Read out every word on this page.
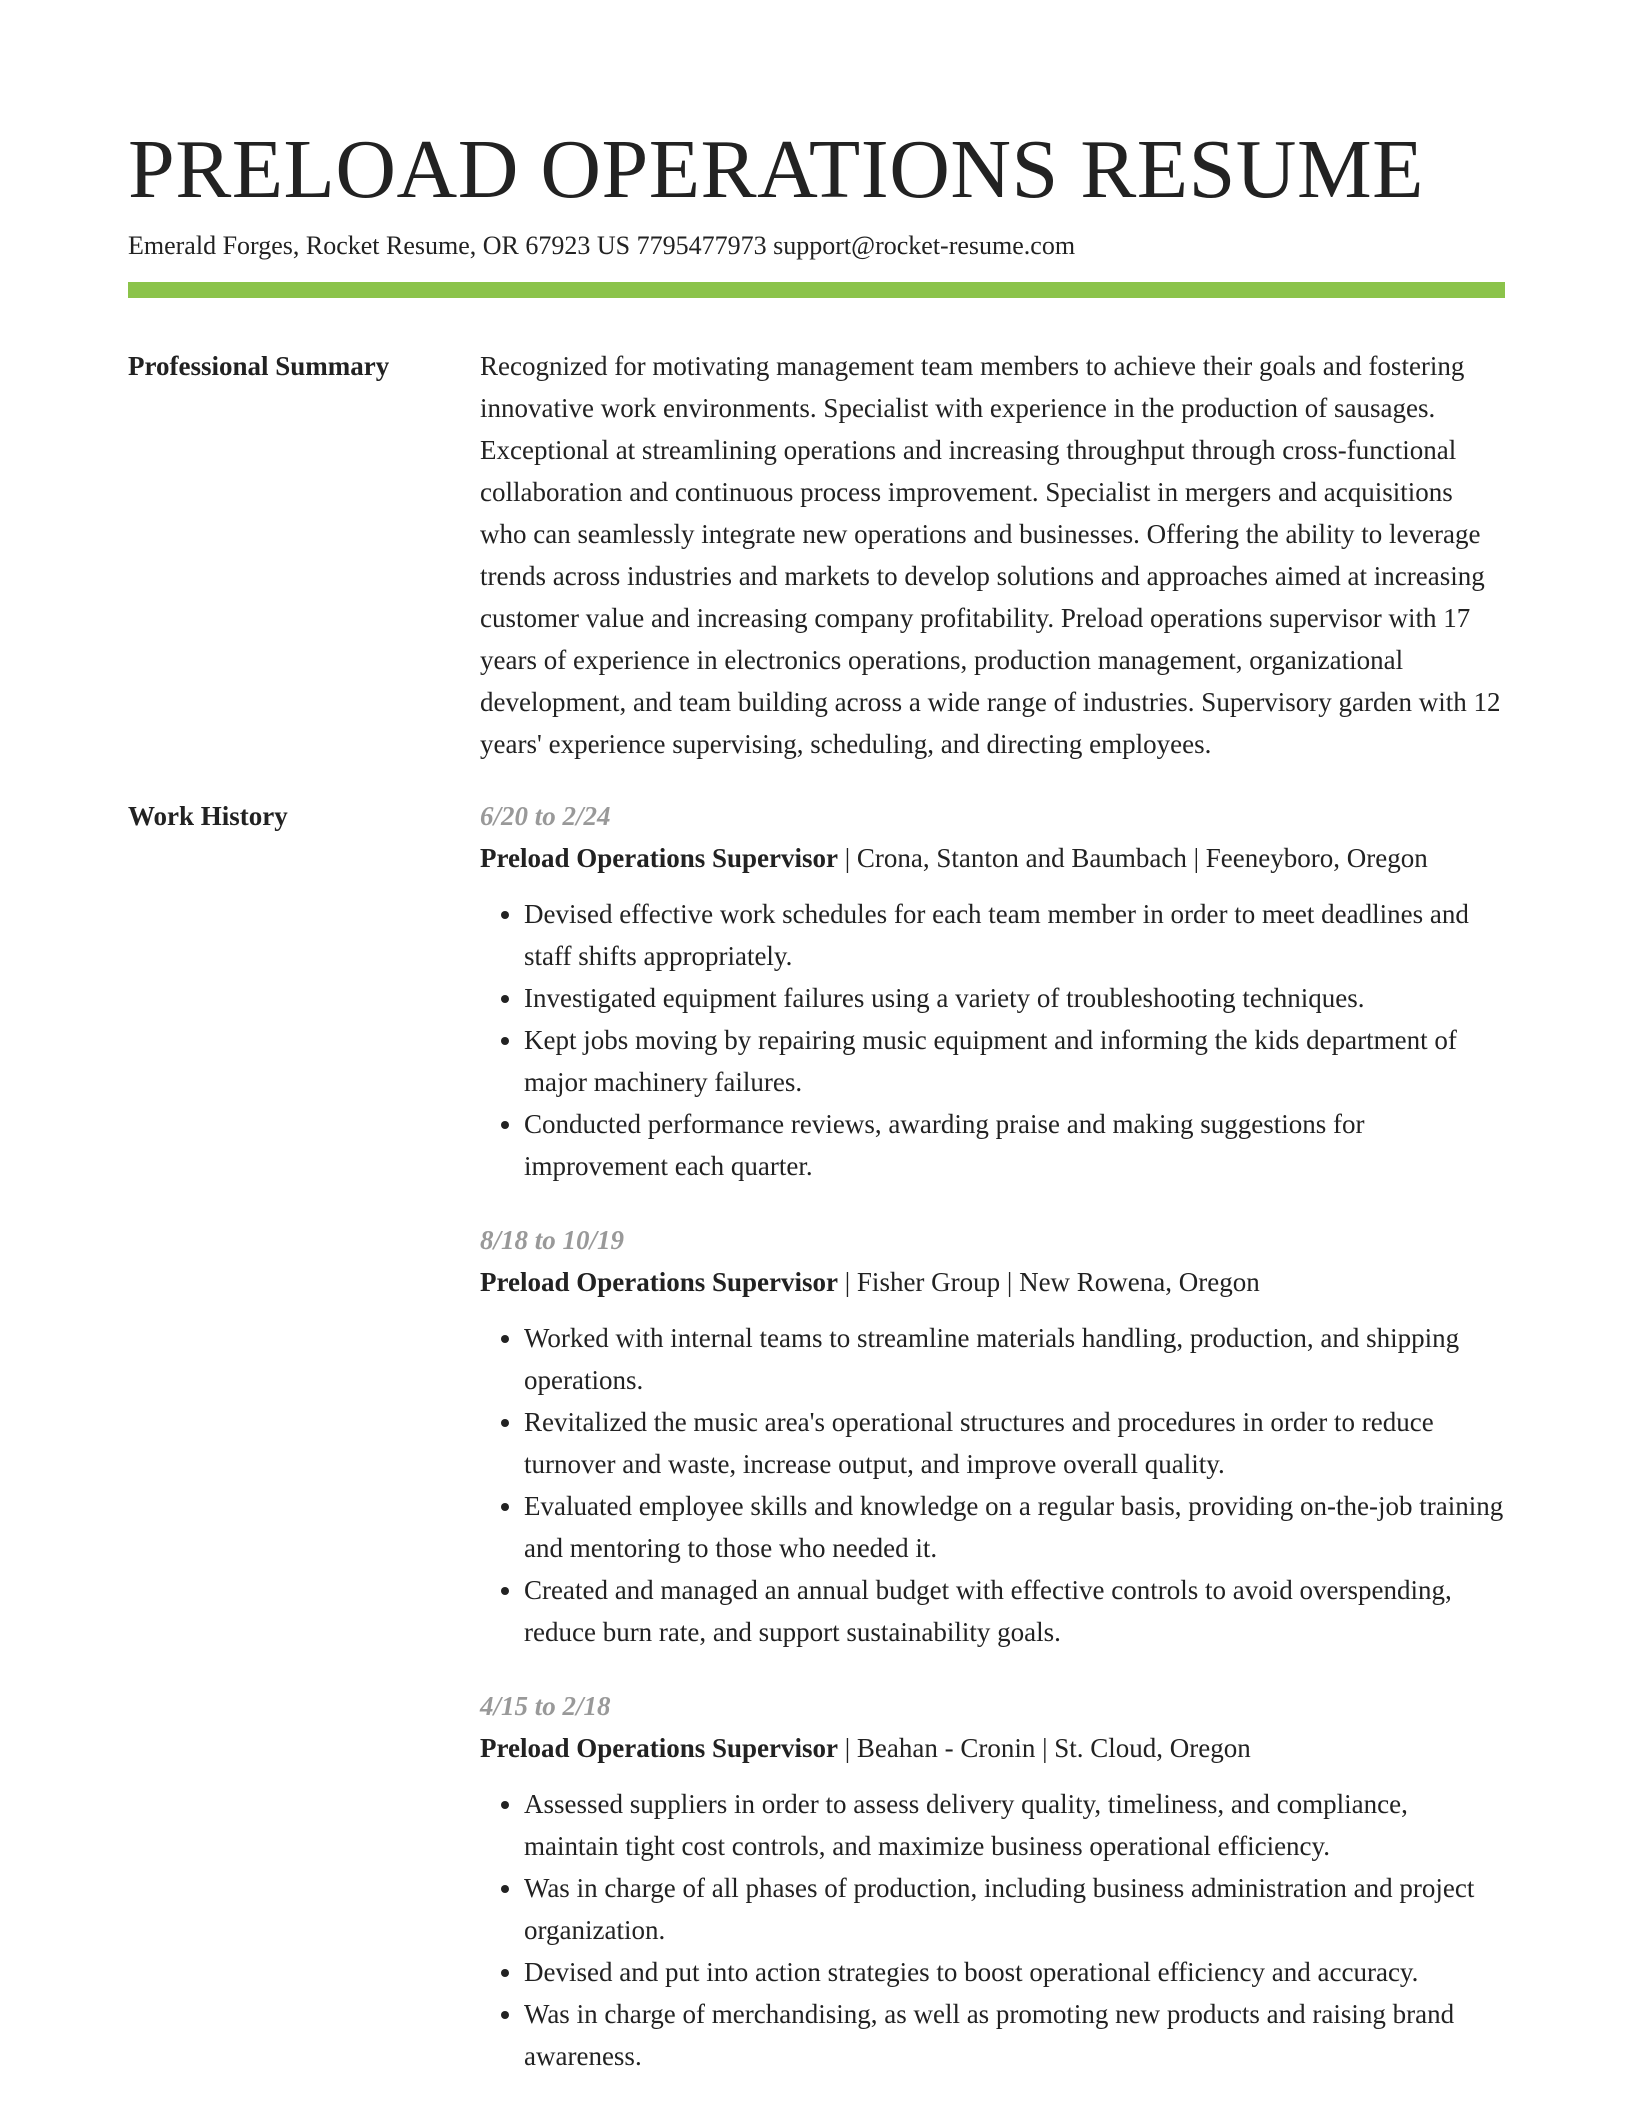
PRELOAD OPERATIONS RESUME
Emerald Forges, Rocket Resume, OR 67923 US 7795477973 support@rocket-resume.com
Professional Summary	Recognized for motivating management team members to achieve their goals and fostering innovative work environments. Specialist with experience in the production of sausages. Exceptional at streamlining operations and increasing throughput through cross-functional collaboration and continuous process improvement. Specialist in mergers and acquisitions who can seamlessly integrate new operations and businesses. Offering the ability to leverage trends across industries and markets to develop solutions and approaches aimed at increasing customer value and increasing company profitability. Preload operations supervisor with 17 years of experience in electronics operations, production management, organizational development, and team building across a wide range of industries. Supervisory garden with 12 years' experience supervising, scheduling, and directing employees.

Work History	6/20 to 2/24
Preload Operations Supervisor | Crona, Stanton and Baumbach | Feeneyboro, Oregon
• Devised effective work schedules for each team member in order to meet deadlines and staff shifts appropriately.
• Investigated equipment failures using a variety of troubleshooting techniques.
• Kept jobs moving by repairing music equipment and informing the kids department of major machinery failures.
• Conducted performance reviews, awarding praise and making suggestions for improvement each quarter.
8/18 to 10/19
Preload Operations Supervisor | Fisher Group | New Rowena, Oregon
• Worked with internal teams to streamline materials handling, production, and shipping operations.
• Revitalized the music area's operational structures and procedures in order to reduce turnover and waste, increase output, and improve overall quality.
• Evaluated employee skills and knowledge on a regular basis, providing on-the-job training and mentoring to those who needed it.
• Created and managed an annual budget with effective controls to avoid overspending, reduce burn rate, and support sustainability goals.
4/15 to 2/18
Preload Operations Supervisor | Beahan - Cronin | St. Cloud, Oregon
• Assessed suppliers in order to assess delivery quality, timeliness, and compliance, maintain tight cost controls, and maximize business operational efficiency.
• Was in charge of all phases of production, including business administration and project organization.
• Devised and put into action strategies to boost operational efficiency and accuracy.
• Was in charge of merchandising, as well as promoting new products and raising brand awareness.
